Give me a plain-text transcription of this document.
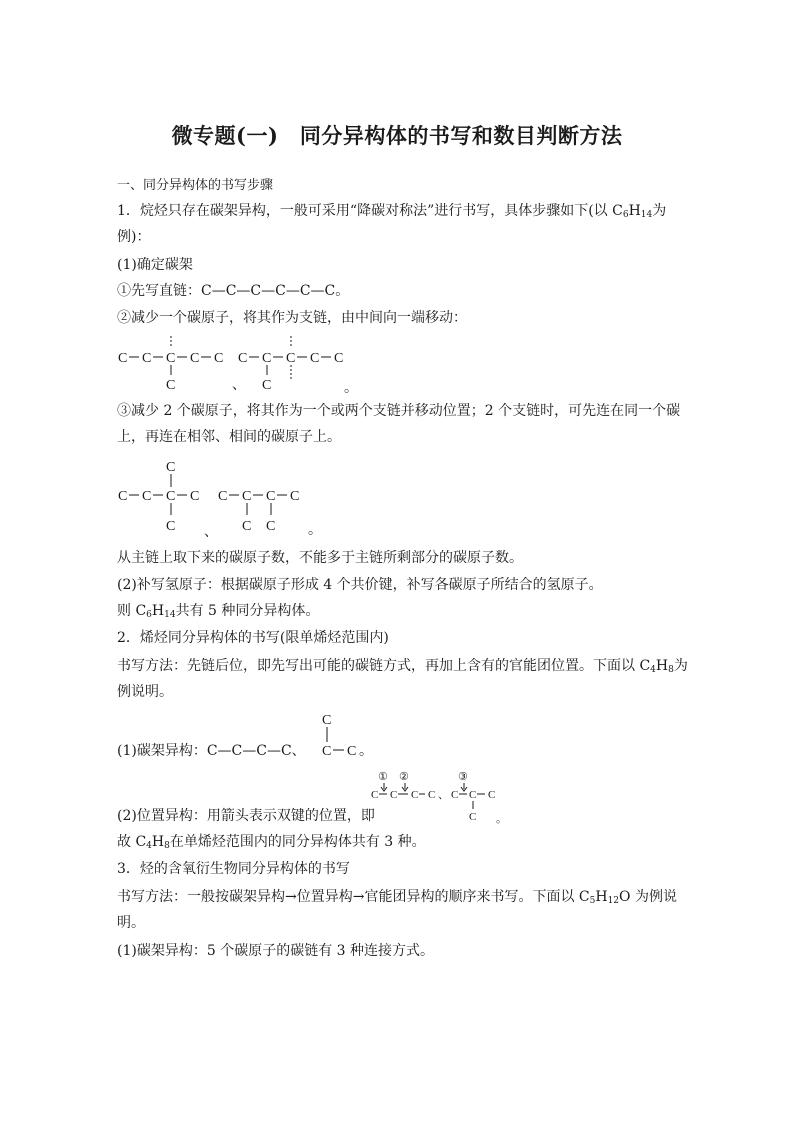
微专题(一)　同分异构体的书写和数目判断方法
一、同分异构体的书写步骤
1．烷烃只存在碳架异构，一般可采用“降碳对称法”进行书写，具体步骤如下(以 $C_6H_{14}$为
例)：
(1)确定碳架
①先写直链：C—C—C—C—C—C。
②减少一个碳原子，将其作为支链，由中间向一端移动：
C C C C C
C	、
C C C C C
C	。
③减少 2 个碳原子，将其作为一个或两个支链并移动位置；2 个支链时，可先连在同一个碳
上，再连在相邻、相间的碳原子上。
C
C C C C
C 、
C C C C
C C 。
从主链上取下来的碳原子数，不能多于主链所剩部分的碳原子数。
(2)补写氢原子：根据碳原子形成 4 个共价键，补写各碳原子所结合的氢原子。
则 $C_6H_{14}$共有 5 种同分异构体。
2．烯烃同分异构体的书写(限单烯烃范围内)
书写方法：先链后位，即先写出可能的碳链方式，再加上含有的官能团位置。下面以 $C_4H_8$为
例说明。
(1)碳架异构：C—C—C—C、
C
C C 。
(2)位置异构：用箭头表示双键的位置，即
① ②	③
C C C C 、 C C C
C 。
故 $C_4H_8$在单烯烃范围内的同分异构体共有 3 种。
3．烃的含氧衍生物同分异构体的书写
书写方法：一般按碳架异构→位置异构→官能团异构的顺序来书写。下面以 $C_5H_{12}O$ 为例说
明。
(1)碳架异构：5 个碳原子的碳链有 3 种连接方式。
